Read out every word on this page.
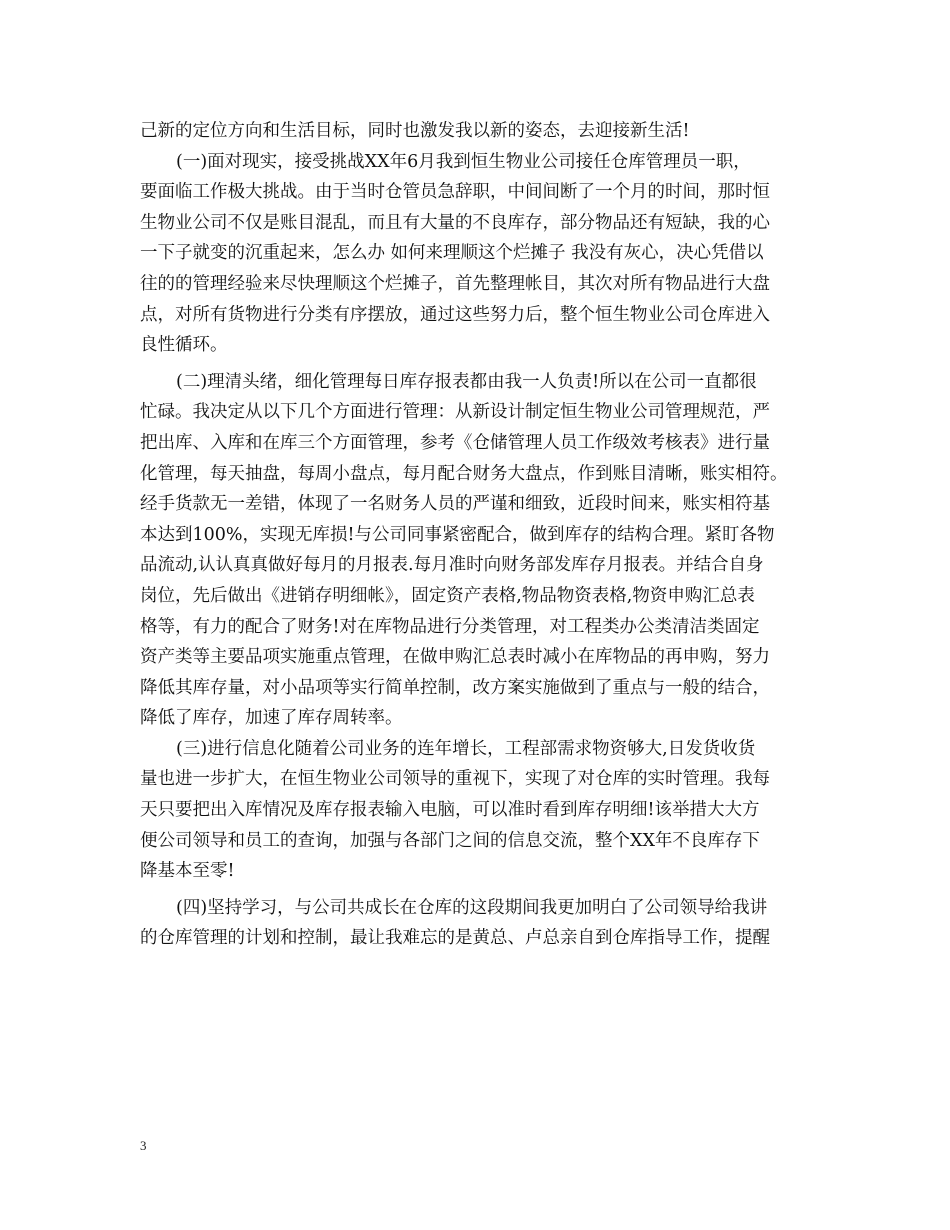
己新的定位方向和生活目标，同时也激发我以新的姿态，去迎接新生活!
(一)面对现实，接受挑战XX年6月我到恒生物业公司接任仓库管理员一职，
要面临工作极大挑战。由于当时仓管员急辞职，中间间断了一个月的时间，那时恒
生物业公司不仅是账目混乱，而且有大量的不良库存，部分物品还有短缺，我的心
一下子就变的沉重起来，怎么办 如何来理顺这个烂摊子 我没有灰心，决心凭借以
往的的管理经验来尽快理顺这个烂摊子，首先整理帐目，其次对所有物品进行大盘
点，对所有货物进行分类有序摆放，通过这些努力后，整个恒生物业公司仓库进入
良性循环。
(二)理清头绪，细化管理每日库存报表都由我一人负责!所以在公司一直都很
忙碌。我决定从以下几个方面进行管理：从新设计制定恒生物业公司管理规范，严
把出库、入库和在库三个方面管理，参考《仓储管理人员工作级效考核表》进行量
化管理，每天抽盘，每周小盘点，每月配合财务大盘点，作到账目清晰，账实相符。
经手货款无一差错，体现了一名财务人员的严谨和细致，近段时间来，账实相符基
本达到100%，实现无库损!与公司同事紧密配合，做到库存的结构合理。紧盯各物
品流动,认认真真做好每月的月报表.每月准时向财务部发库存月报表。并结合自身
岗位，先后做出《进销存明细帐》，固定资产表格,物品物资表格,物资申购汇总表
格等，有力的配合了财务!对在库物品进行分类管理，对工程类办公类清洁类固定
资产类等主要品项实施重点管理，在做申购汇总表时减小在库物品的再申购，努力
降低其库存量，对小品项等实行简单控制，改方案实施做到了重点与一般的结合，
降低了库存，加速了库存周转率。
(三)进行信息化随着公司业务的连年增长，工程部需求物资够大,日发货收货
量也进一步扩大，在恒生物业公司领导的重视下，实现了对仓库的实时管理。我每
天只要把出入库情况及库存报表输入电脑，可以准时看到库存明细!该举措大大方
便公司领导和员工的查询，加强与各部门之间的信息交流，整个XX年不良库存下
降基本至零!
(四)坚持学习，与公司共成长在仓库的这段期间我更加明白了公司领导给我讲
的仓库管理的计划和控制，最让我难忘的是黄总、卢总亲自到仓库指导工作，提醒
3
